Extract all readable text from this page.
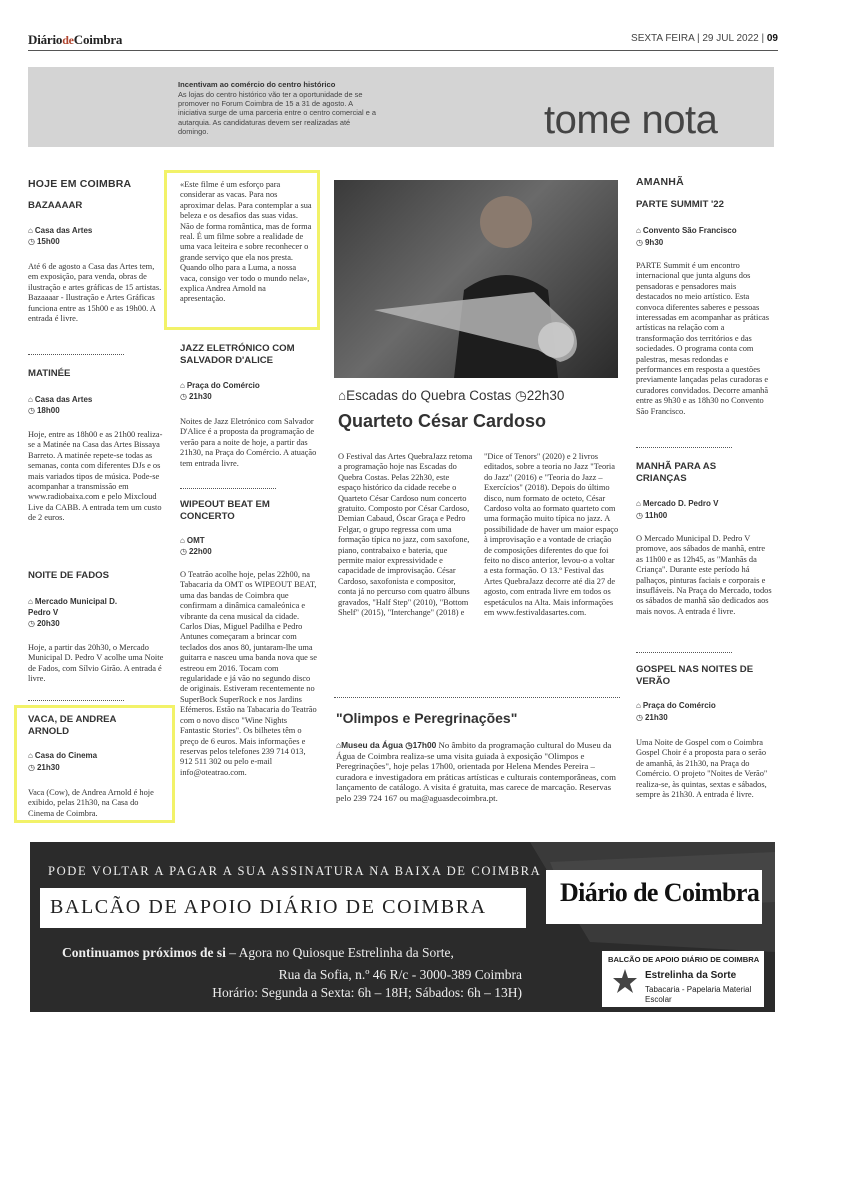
DiáriodeCoimbra	SEXTA FEIRA | 29 JUL 2022 | 09
Incentivam ao comércio do centro histórico
As lojas do centro histórico vão ter a oportunidade de se promover no Forum Coimbra de 15 a 31 de agosto. A iniciativa surge de uma parceria entre o centro comercial e a autarquia. As candidaturas devem ser realizadas até domingo.	tome nota
HOJE EM COIMBRA
BAZAAAAR
⌂ Casa das Artes
◷ 15h00
Até 6 de agosto a Casa das Artes tem, em exposição, para venda, obras de ilustração e artes gráficas de 15 artistas. Bazaaaar - Ilustração e Artes Gráficas funciona entre as 15h00 e as 19h00. A entrada é livre.
MATINÉE
⌂ Casa das Artes
◷ 18h00
Hoje, entre as 18h00 e as 21h00 realiza-se a Matinée na Casa das Artes Bissaya Barreto. A matinée repete-se todas as semanas, conta com diferentes DJs e os mais variados tipos de música. Pode-se acompanhar a transmissão em www.radiobaixa.com e pelo Mixcloud Live da CABB. A entrada tem um custo de 2 euros.
NOITE DE FADOS
⌂ Mercado Municipal D. Pedro V
◷ 20h30
Hoje, a partir das 20h30, o Mercado Municipal D. Pedro V acolhe uma Noite de Fados, com Sílvio Girão. A entrada é livre.
VACA, DE ANDREA ARNOLD
⌂ Casa do Cinema
◷ 21h30
Vaca (Cow), de Andrea Arnold é hoje exibido, pelas 21h30, na Casa do Cinema de Coimbra.
«Este filme é um esforço para considerar as vacas. Para nos aproximar delas. Para contemplar a sua beleza e os desafios das suas vidas. Não de forma romântica, mas de forma real. É um filme sobre a realidade de uma vaca leiteira e sobre reconhecer o grande serviço que ela nos presta. Quando olho para a Luma, a nossa vaca, consigo ver todo o mundo nela», explica Andrea Arnold na apresentação.
JAZZ ELETRÓNICO COM SALVADOR D'ALICE
⌂ Praça do Comércio
◷ 21h30
Noites de Jazz Eletrónico com Salvador D'Alice é a proposta da programação de verão para a noite de hoje, a partir das 21h30, na Praça do Comércio. A atuação tem entrada livre.
WIPEOUT BEAT EM CONCERTO
⌂ OMT
◷ 22h00
O Teatrão acolhe hoje, pelas 22h00, na Tabacaria da OMT os WIPEOUT BEAT, uma das bandas de Coimbra que confirmam a dinâmica camaleónica e vibrante da cena musical da cidade. Carlos Dias, Miguel Padilha e Pedro Antunes começaram a brincar com teclados dos anos 80, juntaram-lhe uma guitarra e nasceu uma banda nova que se estreou em 2016. Tocam com regularidade e já vão no segundo disco de originais. Estiveram recentemente no SuperBock SuperRock e nos Jardins Efémeros. Estão na Tabacaria do Teatrão com o novo disco "Wine Nights Fantastic Stories". Os bilhetes têm o preço de 6 euros. Mais informações e reservas pelos telefones 239 714 013, 912 511 302 ou pelo e-mail info@oteatrao.com.
⌂Escadas do Quebra Costas ◷22h30
Quarteto César Cardoso
O Festival das Artes QuebraJazz retoma a programação hoje nas Escadas do Quebra Costas. Pelas 22h30, este espaço histórico da cidade recebe o Quarteto César Cardoso num concerto gratuito. Composto por César Cardoso, Demian Cabaud, Óscar Graça e Pedro Felgar, o grupo regressa com uma formação típica no jazz, com saxofone, piano, contrabaixo e bateria, que permite maior expressividade e capacidade de improvisação. César Cardoso, saxofonista e compositor, conta já no percurso com quatro álbuns gravados, "Half Step" (2010), "Bottom Shelf" (2015), "Interchange" (2018) e
"Dice of Tenors" (2020) e 2 livros editados, sobre a teoria no Jazz "Teoria do Jazz" (2016) e "Teoria do Jazz – Exercícios" (2018). Depois do último disco, num formato de octeto, César Cardoso volta ao formato quarteto com uma formação muito típica no jazz. A possibilidade de haver um maior espaço à improvisação e a vontade de criação de composições diferentes do que foi feito no disco anterior, levou-o a voltar a esta formação. O 13.º Festival das Artes QuebraJazz decorre até dia 27 de agosto, com entrada livre em todos os espetáculos na Alta. Mais informações em www.festivaldasartes.com.
"Olimpos e Peregrinações"
⌂Museu da Água ◷17h00 No âmbito da programação cultural do Museu da Água de Coimbra realiza-se uma visita guiada à exposição "Olimpos e Peregrinações", hoje pelas 17h00, orientada por Helena Mendes Pereira – curadora e investigadora em práticas artísticas e culturais contemporâneas, com lançamento de catálogo. A visita é gratuita, mas carece de marcação. Reservas pelo 239 724 167 ou ma@aguasdecoimbra.pt.
AMANHÃ
PARTE SUMMIT '22
⌂ Convento São Francisco
◷ 9h30
PARTE Summit é um encontro internacional que junta alguns dos pensadoras e pensadores mais destacados no meio artístico. Esta convoca diferentes saberes e pessoas interessadas em acompanhar as práticas artísticas na relação com a transformação dos territórios e das sociedades. O programa conta com palestras, mesas redondas e performances em resposta a questões previamente lançadas pelas curadoras e curadores convidados. Decorre amanhã entre as 9h30 e as 18h30 no Convento São Francisco.
MANHÃ PARA AS CRIANÇAS
⌂ Mercado D. Pedro V
◷ 11h00
O Mercado Municipal D. Pedro V promove, aos sábados de manhã, entre as 11h00 e as 12h45, as "Manhãs da Criança". Durante este período há palhaços, pinturas faciais e corporais e insufláveis. Na Praça do Mercado, todos os sábados de manhã são dedicados aos mais novos. A entrada é livre.
GOSPEL NAS NOITES DE VERÃO
⌂ Praça do Comércio
◷ 21h30
Uma Noite de Gospel com o Coimbra Gospel Choir é a proposta para o serão de amanhã, às 21h30, na Praça do Comércio. O projeto "Noites de Verão" realiza-se, às quintas, sextas e sábados, sempre às 21h30. A entrada é livre.
PODE VOLTAR A PAGAR A SUA ASSINATURA NA BAIXA DE COIMBRA
BALCÃO DE APOIO DIÁRIO DE COIMBRA	Diário de Coimbra
Continuamos próximos de si – Agora no Quiosque Estrelinha da Sorte,
Rua da Sofia, n.º 46 R/c - 3000-389 Coimbra
Horário: Segunda a Sexta: 6h – 18H; Sábados: 6h – 13H)
BALCÃO DE APOIO DIÁRIO DE COIMBRA
Estrelinha da Sorte
Tabacaria - Papelaria Material Escolar
